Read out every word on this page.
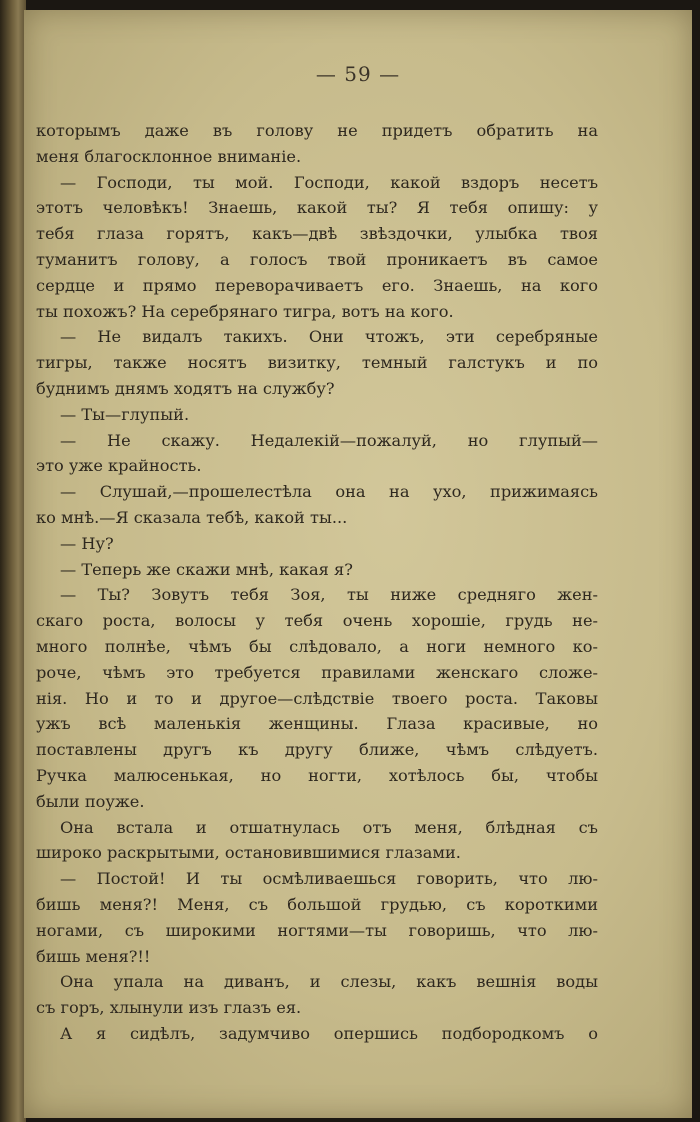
— 59 —
которымъ даже въ голову не придетъ обратить на
меня благосклонное вниманіе.
— Господи, ты мой. Господи, какой вздоръ несетъ
этотъ человѣкъ! Знаешь, какой ты? Я тебя опишу: у
тебя глаза горятъ, какъ—двѣ звѣздочки, улыбка твоя
туманитъ голову, а голосъ твой проникаетъ въ самое
сердце и прямо переворачиваетъ его. Знаешь, на кого
ты похожъ? На серебрянаго тигра, вотъ на кого.
— Не видалъ такихъ. Они чтожъ, эти серебряные
тигры, также носятъ визитку, темный галстукъ и по
буднимъ днямъ ходятъ на службу?
— Ты—глупый.
— Не скажу. Недалекій—пожалуй, но глупый—
это уже крайность.
— Слушай,—прошелестѣла она на ухо, прижимаясь
ко мнѣ.—Я сказала тебѣ, какой ты...
— Ну?
— Теперь же скажи мнѣ, какая я?
— Ты? Зовутъ тебя Зоя, ты ниже средняго жен-
скаго роста, волосы у тебя очень хорошіе, грудь не-
много полнѣе, чѣмъ бы слѣдовало, а ноги немного ко-
роче, чѣмъ это требуется правилами женскаго сложе-
нія. Но и то и другое—слѣдствіе твоего роста. Таковы
ужъ всѣ маленькія женщины. Глаза красивые, но
поставлены другъ къ другу ближе, чѣмъ слѣдуетъ.
Ручка малюсенькая, но ногти, хотѣлось бы, чтобы
были поуже.
Она встала и отшатнулась отъ меня, блѣдная съ
широко раскрытыми, остановившимися глазами.
— Постой! И ты осмѣливаешься говорить, что лю-
бишь меня?! Меня, съ большой грудью, съ короткими
ногами, съ широкими ногтями—ты говоришь, что лю-
бишь меня?!!
Она упала на диванъ, и слезы, какъ вешнія воды
съ горъ, хлынули изъ глазъ ея.
А я сидѣлъ, задумчиво опершись подбородкомъ о
